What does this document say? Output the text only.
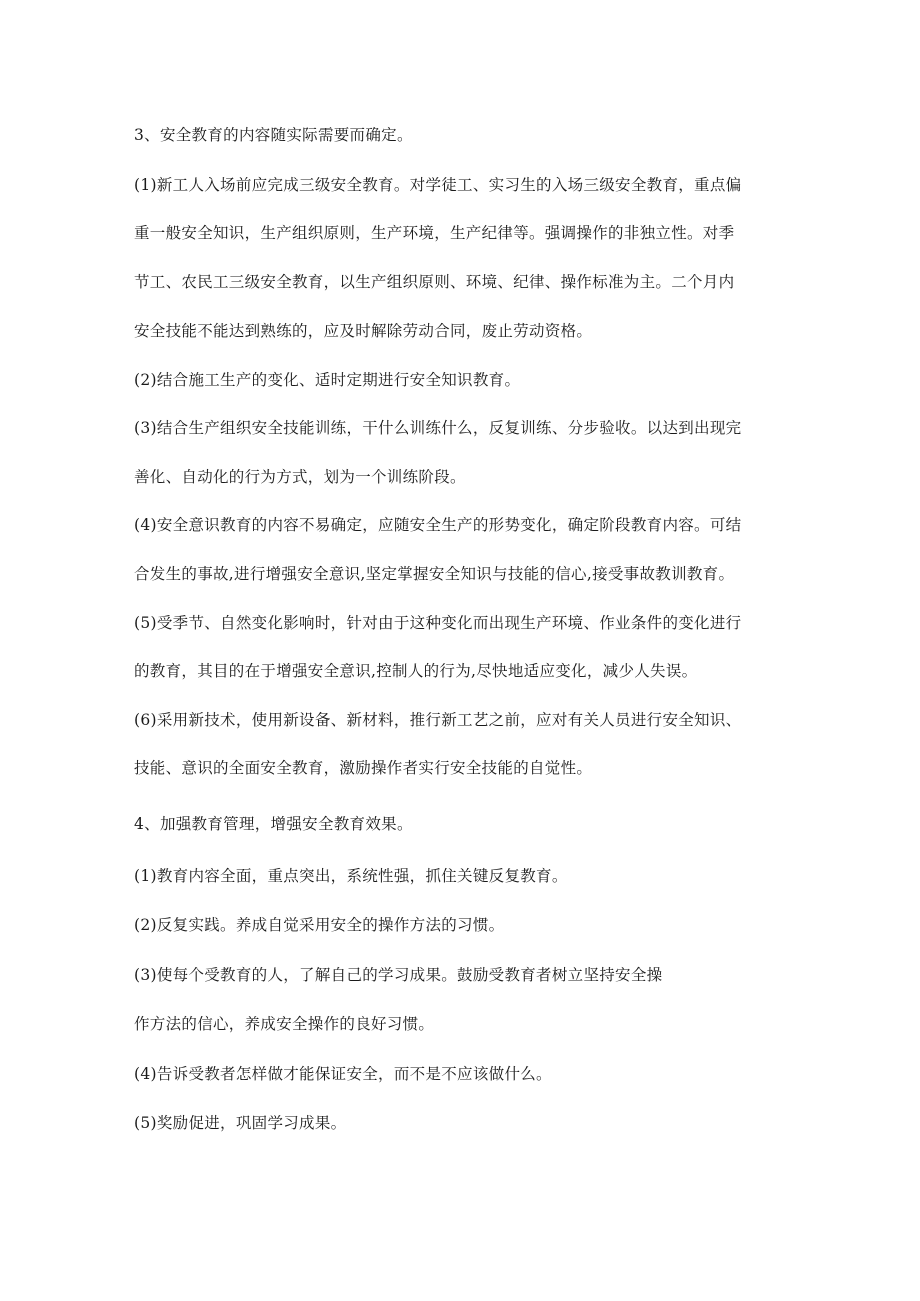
3、安全教育的内容随实际需要而确定。

(1)新工人入场前应完成三级安全教育。对学徒工、实习生的入场三级安全教育，重点偏

重一般安全知识，生产组织原则，生产环境，生产纪律等。强调操作的非独立性。对季

节工、农民工三级安全教育，以生产组织原则、环境、纪律、操作标准为主。二个月内

安全技能不能达到熟练的，应及时解除劳动合同，废止劳动资格。

(2)结合施工生产的变化、适时定期进行安全知识教育。

(3)结合生产组织安全技能训练，干什么训练什么，反复训练、分步验收。以达到出现完

善化、自动化的行为方式，划为一个训练阶段。

(4)安全意识教育的内容不易确定，应随安全生产的形势变化，确定阶段教育内容。可结

合发生的事故,进行增强安全意识,坚定掌握安全知识与技能的信心,接受事故教训教育。

(5)受季节、自然变化影响时，针对由于这种变化而出现生产环境、作业条件的变化进行

的教育，其目的在于增强安全意识,控制人的行为,尽快地适应变化，减少人失误。

(6)采用新技术，使用新设备、新材料，推行新工艺之前，应对有关人员进行安全知识、

技能、意识的全面安全教育，激励操作者实行安全技能的自觉性。

4、加强教育管理，增强安全教育效果。

(1)教育内容全面，重点突出，系统性强，抓住关键反复教育。

(2)反复实践。养成自觉采用安全的操作方法的习惯。

(3)使每个受教育的人，了解自己的学习成果。鼓励受教育者树立坚持安全操

作方法的信心，养成安全操作的良好习惯。

(4)告诉受教者怎样做才能保证安全，而不是不应该做什么。

(5)奖励促进，巩固学习成果。
